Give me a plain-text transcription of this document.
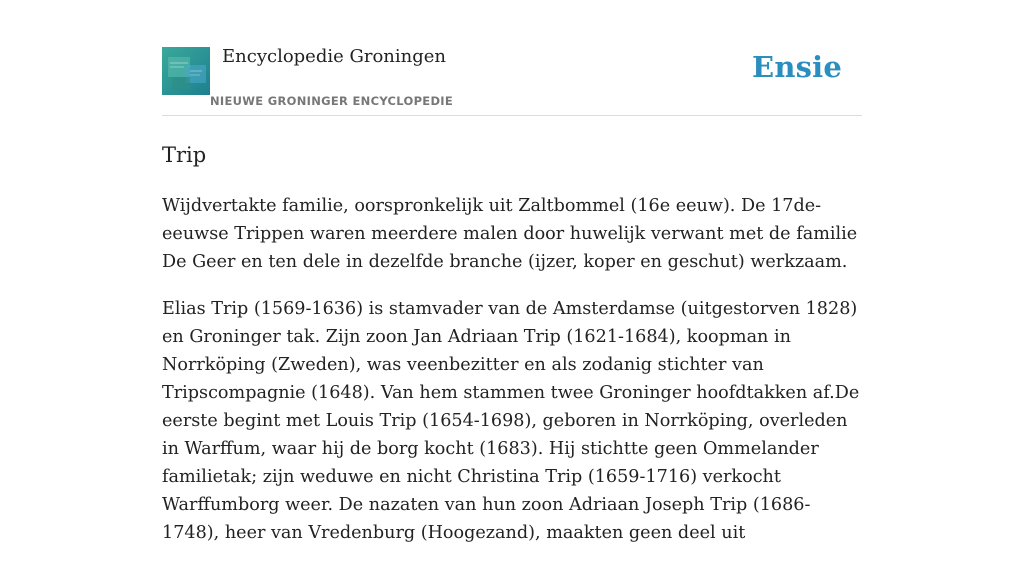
Encyclopedie Groningen
NIEUWE GRONINGER ENCYCLOPEDIE
Ensie
Trip

Wijdvertakte familie, oorspronkelijk uit Zaltbommel (16e eeuw). De 17de-eeuwse Trippen waren meerdere malen door huwelijk verwant met de familie De Geer en ten dele in dezelfde branche (ijzer, koper en geschut) werkzaam.

Elias Trip (1569-1636) is stamvader van de Amsterdamse (uitgestorven 1828) en Groninger tak. Zijn zoon Jan Adriaan Trip (1621-1684), koopman in Norrköping (Zweden), was veenbezitter en als zodanig stichter van Tripscompagnie (1648). Van hem stammen twee Groninger hoofdtakken af.De eerste begint met Louis Trip (1654-1698), geboren in Norrköping, overleden in Warffum, waar hij de borg kocht (1683). Hij stichtte geen Ommelander familietak; zijn weduwe en nicht Christina Trip (1659-1716) verkocht Warffumborg weer. De nazaten van hun zoon Adriaan Joseph Trip (1686-1748), heer van Vredenburg (Hoogezand), maakten geen deel uit
